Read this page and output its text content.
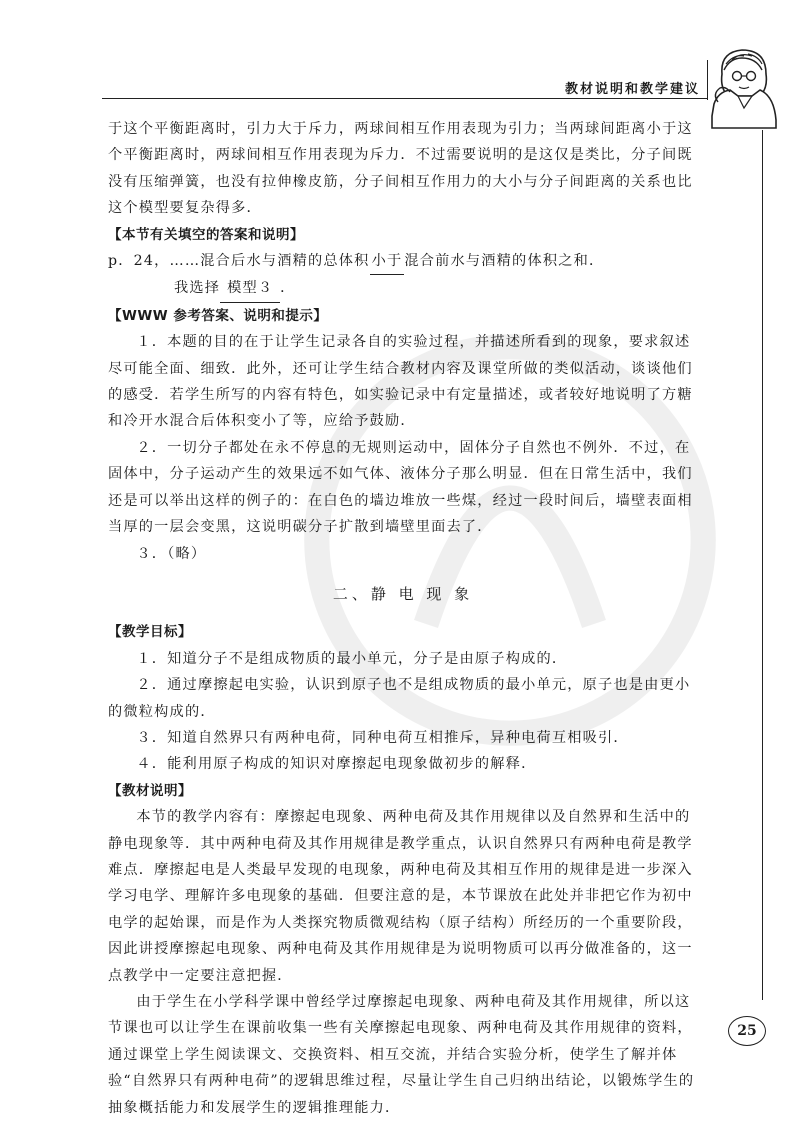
教材说明和教学建议

于这个平衡距离时，引力大于斥力，两球间相互作用表现为引力；当两球间距离小于这个平衡距离时，两球间相互作用表现为斥力．不过需要说明的是这仅是类比，分子间既没有压缩弹簧，也没有拉伸橡皮筋，分子间相互作用力的大小与分子间距离的关系也比这个模型要复杂得多．

【本节有关填空的答案和说明】

p．24，……混合后水与酒精的总体积 小于 混合前水与酒精的体积之和．

我选择 模型３ ．

【WWW 参考答案、说明和提示】

１．本题的目的在于让学生记录各自的实验过程，并描述所看到的现象，要求叙述尽可能全面、细致．此外，还可让学生结合教材内容及课堂所做的类似活动，谈谈他们的感受．若学生所写的内容有特色，如实验记录中有定量描述，或者较好地说明了方糖和冷开水混合后体积变小了等，应给予鼓励．

２．一切分子都处在永不停息的无规则运动中，固体分子自然也不例外．不过，在固体中，分子运动产生的效果远不如气体、液体分子那么明显．但在日常生活中，我们还是可以举出这样的例子的：在白色的墙边堆放一些煤，经过一段时间后，墙壁表面相当厚的一层会变黑，这说明碳分子扩散到墙壁里面去了．

３．（略）

二、静 电 现 象

【教学目标】

１．知道分子不是组成物质的最小单元，分子是由原子构成的．

２．通过摩擦起电实验，认识到原子也不是组成物质的最小单元，原子也是由更小的微粒构成的．

３．知道自然界只有两种电荷，同种电荷互相推斥，异种电荷互相吸引．

４．能利用原子构成的知识对摩擦起电现象做初步的解释．

【教材说明】

本节的教学内容有：摩擦起电现象、两种电荷及其作用规律以及自然界和生活中的静电现象等．其中两种电荷及其作用规律是教学重点，认识自然界只有两种电荷是教学难点．摩擦起电是人类最早发现的电现象，两种电荷及其相互作用的规律是进一步深入学习电学、理解许多电现象的基础．但要注意的是，本节课放在此处并非把它作为初中电学的起始课，而是作为人类探究物质微观结构（原子结构）所经历的一个重要阶段，因此讲授摩擦起电现象、两种电荷及其作用规律是为说明物质可以再分做准备的，这一点教学中一定要注意把握．

由于学生在小学科学课中曾经学过摩擦起电现象、两种电荷及其作用规律，所以这节课也可以让学生在课前收集一些有关摩擦起电现象、两种电荷及其作用规律的资料，通过课堂上学生阅读课文、交换资料、相互交流，并结合实验分析，使学生了解并体验“自然界只有两种电荷”的逻辑思维过程，尽量让学生自己归纳出结论，以锻炼学生的抽象概括能力和发展学生的逻辑推理能力．

25
